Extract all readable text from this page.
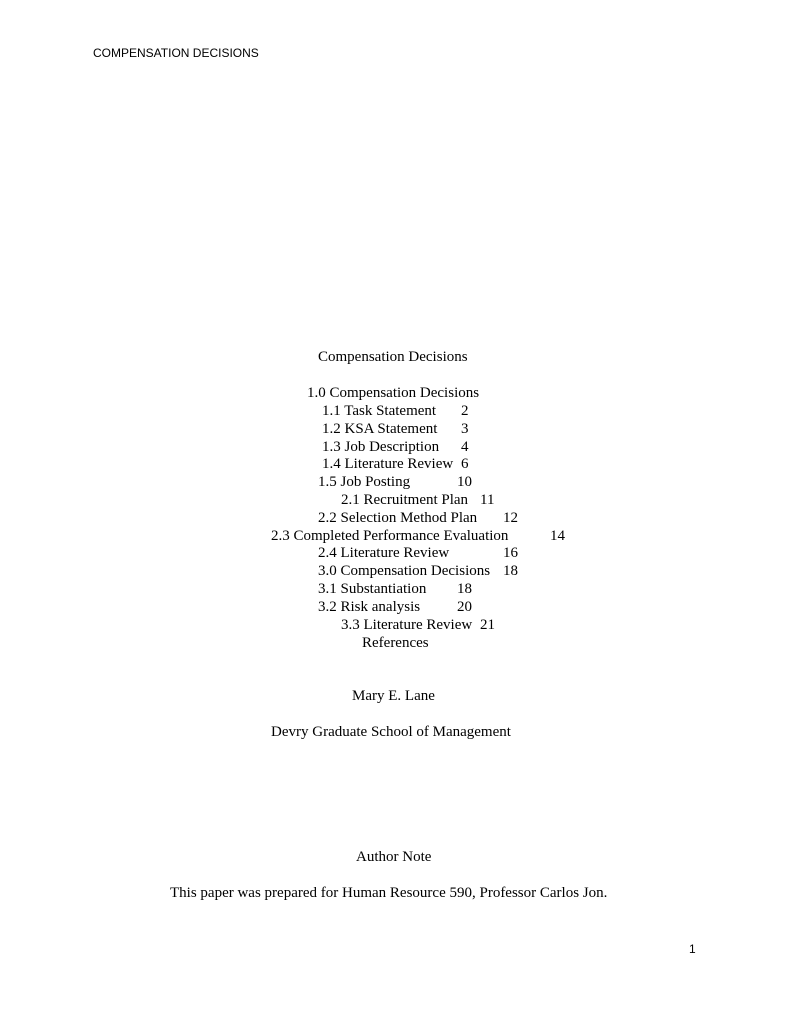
COMPENSATION DECISIONS
Compensation Decisions
1.0 Compensation Decisions
1.1 Task Statement 2
1.2 KSA Statement 3
1.3 Job Description 4
1.4 Literature Review 6
1.5 Job Posting	10
2.1 Recruitment Plan 11
2.2 Selection Method Plan 12
2.3 Completed Performance Evaluation	14
2.4 Literature Review	16
3.0 Compensation Decisions 18
3.1 Substantiation 18
3.2 Risk analysis 20
3.3 Literature Review 21
References
Mary E. Lane
Devry Graduate School of Management
Author Note
This paper was prepared for Human Resource 590, Professor Carlos Jon.
1
